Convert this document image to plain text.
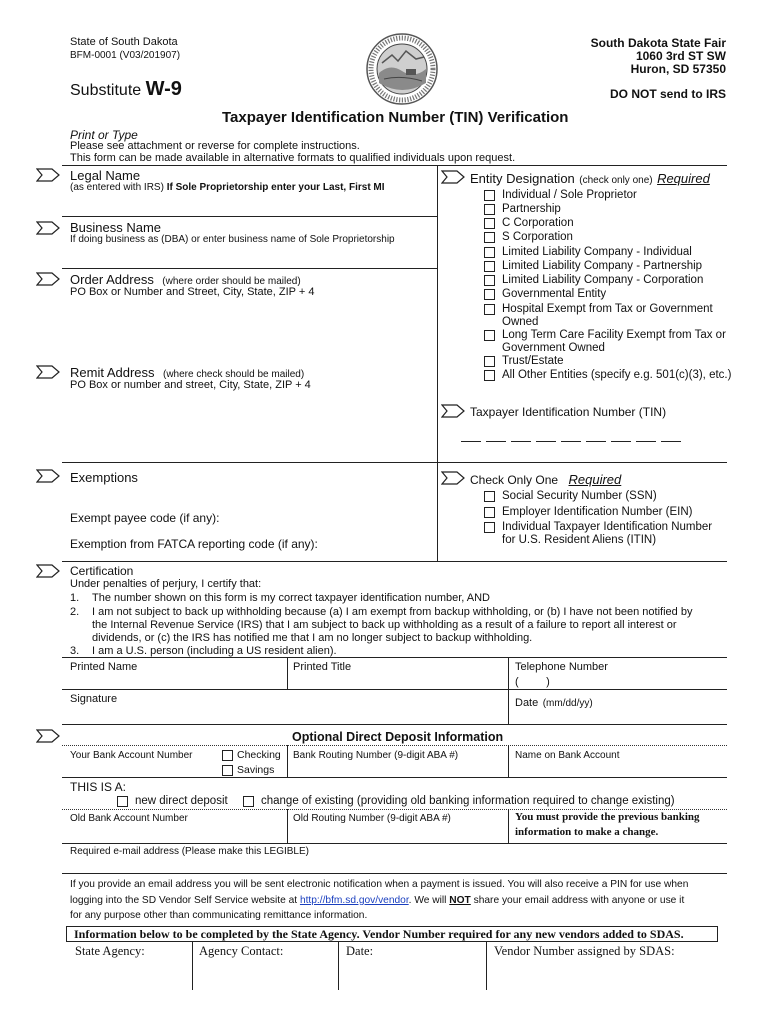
State of South Dakota
BFM-0001 (V03/201907)
Substitute W-9
South Dakota State Fair
1060 3rd ST SW
Huron, SD 57350
DO NOT send to IRS
Taxpayer Identification Number (TIN) Verification
Print or Type
Please see attachment or reverse for complete instructions.
This form can be made available in alternative formats to qualified individuals upon request.
Legal Name
(as entered with IRS) If Sole Proprietorship enter your Last, First MI
Business Name
If doing business as (DBA) or enter business name of Sole Proprietorship
Order Address (where order should be mailed)
PO Box or Number and Street, City, State, ZIP + 4
Remit Address (where check should be mailed)
PO Box or number and street, City, State, ZIP + 4
Exemptions
Exempt payee code (if any):
Exemption from FATCA reporting code (if any):
Entity Designation (check only one) Required
Individual / Sole Proprietor
Partnership
C Corporation
S Corporation
Limited Liability Company - Individual
Limited Liability Company - Partnership
Limited Liability Company - Corporation
Governmental Entity
Hospital Exempt from Tax or Government
Owned
Long Term Care Facility Exempt from Tax or
Government Owned
Trust/Estate
All Other Entities (specify e.g. 501(c)(3), etc.)
Taxpayer Identification Number (TIN)
Check Only One Required
Social Security Number (SSN)
Employer Identification Number (EIN)
Individual Taxpayer Identification Number
for U.S. Resident Aliens (ITIN)
Certification
Under penalties of perjury, I certify that:
1. The number shown on this form is my correct taxpayer identification number, AND
2. I am not subject to back up withholding because (a) I am exempt from backup withholding, or (b) I have not been notified by
the Internal Revenue Service (IRS) that I am subject to back up withholding as a result of a failure to report all interest or
dividends, or (c) the IRS has notified me that I am no longer subject to backup withholding.
3. I am a U.S. person (including a US resident alien).
Printed Name	Printed Title	Telephone Number
(         )
Signature	Date (mm/dd/yy)
Optional Direct Deposit Information
Your Bank Account Number	Checking
Savings
Bank Routing Number (9-digit ABA #)	Name on Bank Account
THIS IS A:
new direct deposit	change of existing (providing old banking information required to change existing)
Old Bank Account Number	Old Routing Number (9-digit ABA #)	You must provide the previous banking
information to make a change.
Required e-mail address (Please make this LEGIBLE)
If you provide an email address you will be sent electronic notification when a payment is issued. You will also receive a PIN for use when
logging into the SD Vendor Self Service website at http://bfm.sd.gov/vendor. We will NOT share your email address with anyone or use it
for any purpose other than communicating remittance information.
Information below to be completed by the State Agency. Vendor Number required for any new vendors added to SDAS.
State Agency:	Agency Contact:	Date:	Vendor Number assigned by SDAS:
